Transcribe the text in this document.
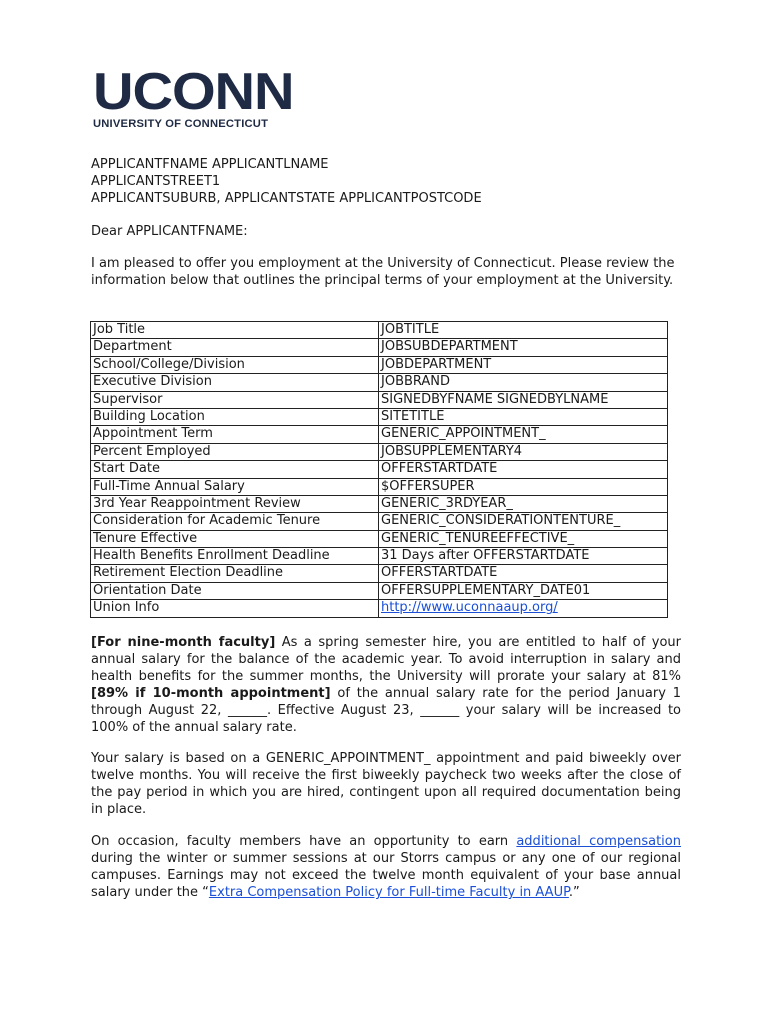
UCONN
UNIVERSITY OF CONNECTICUT
APPLICANTFNAME APPLICANTLNAME
APPLICANTSTREET1
APPLICANTSUBURB, APPLICANTSTATE APPLICANTPOSTCODE
Dear APPLICANTFNAME:
I am pleased to offer you employment at the University of Connecticut. Please review the information below that outlines the principal terms of your employment at the University.
Job Title	JOBTITLE
Department	JOBSUBDEPARTMENT
School/College/Division	JOBDEPARTMENT
Executive Division	JOBBRAND
Supervisor	SIGNEDBYFNAME SIGNEDBYLNAME
Building Location	SITETITLE
Appointment Term	GENERIC_APPOINTMENT_
Percent Employed	JOBSUPPLEMENTARY4
Start Date	OFFERSTARTDATE
Full-Time Annual Salary	$OFFERSUPER
3rd Year Reappointment Review	GENERIC_3RDYEAR_
Consideration for Academic Tenure	GENERIC_CONSIDERATIONTENTURE_
Tenure Effective	GENERIC_TENUREEFFECTIVE_
Health Benefits Enrollment Deadline	31 Days after OFFERSTARTDATE
Retirement Election Deadline	OFFERSTARTDATE
Orientation Date	OFFERSUPPLEMENTARY_DATE01
Union Info	http://www.uconnaaup.org/
[For nine-month faculty] As a spring semester hire, you are entitled to half of your annual salary for the balance of the academic year. To avoid interruption in salary and health benefits for the summer months, the University will prorate your salary at 81% [89% if 10-month appointment] of the annual salary rate for the period January 1 through August 22, ______. Effective August 23, ______ your salary will be increased to 100% of the annual salary rate.
Your salary is based on a GENERIC_APPOINTMENT_ appointment and paid biweekly over twelve months. You will receive the first biweekly paycheck two weeks after the close of the pay period in which you are hired, contingent upon all required documentation being in place.
On occasion, faculty members have an opportunity to earn additional compensation during the winter or summer sessions at our Storrs campus or any one of our regional campuses. Earnings may not exceed the twelve month equivalent of your base annual salary under the “Extra Compensation Policy for Full-time Faculty in AAUP.”
